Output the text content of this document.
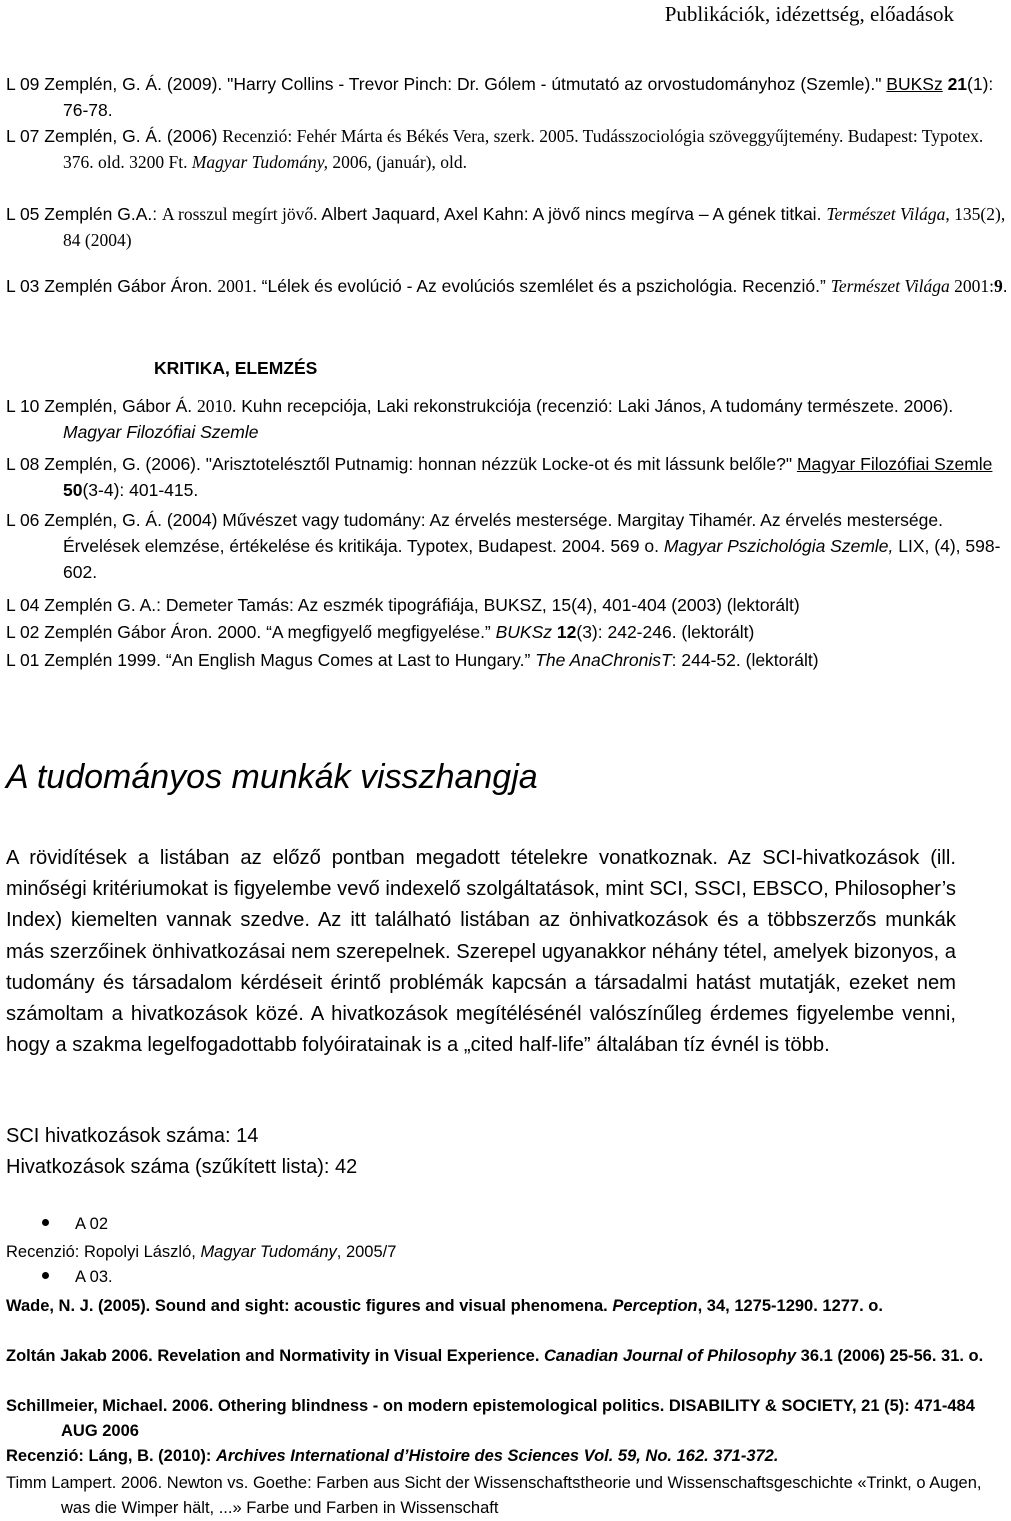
Publikációk, idézettség, előadások
L 09 Zemplén, G. Á. (2009). "Harry Collins - Trevor Pinch: Dr. Gólem - útmutató az orvostudományhoz (Szemle)." BUKSz 21(1): 76-78.
L 07 Zemplén, G. Á. (2006) Recenzió: Fehér Márta és Békés Vera, szerk. 2005. Tudásszociológia szöveggyűjtemény. Budapest: Typotex. 376. old. 3200 Ft. Magyar Tudomány, 2006, (január), old.
L 05 Zemplén G.A.: A rosszul megírt jövő. Albert Jaquard, Axel Kahn: A jövő nincs megírva – A gének titkai. Természet Világa, 135(2), 84 (2004)
L 03 Zemplén Gábor Áron. 2001. “Lélek és evolúció - Az evolúciós szemlélet és a pszichológia. Recenzió.” Természet Világa 2001:9.
KRITIKA, ELEMZÉS
L 10 Zemplén, Gábor Á. 2010. Kuhn recepciója, Laki rekonstrukciója (recenzió: Laki János, A tudomány természete. 2006). Magyar Filozófiai Szemle
L 08 Zemplén, G. (2006). "Arisztotelésztől Putnamig: honnan nézzük Locke-ot és mit lássunk belőle?" Magyar Filozófiai Szemle 50(3-4): 401-415.
L 06 Zemplén, G. Á. (2004) Művészet vagy tudomány: Az érvelés mestersége. Margitay Tihamér. Az érvelés mestersége. Érvelések elemzése, értékelése és kritikája. Typotex, Budapest. 2004. 569 o. Magyar Pszichológia Szemle, LIX, (4), 598-602.
L 04 Zemplén G. A.: Demeter Tamás: Az eszmék tipográfiája, BUKSZ, 15(4), 401-404 (2003) (lektorált)
L 02 Zemplén Gábor Áron. 2000. “A megfigyelő megfigyelése.” BUKSz 12(3): 242-246. (lektorált)
L 01 Zemplén 1999. “An English Magus Comes at Last to Hungary.” The AnaChronisT: 244-52. (lektorált)
A tudományos munkák visszhangja
A rövidítések a listában az előző pontban megadott tételekre vonatkoznak. Az SCI-hivatkozások (ill. minőségi kritériumokat is figyelembe vevő indexelő szolgáltatások, mint SCI, SSCI, EBSCO, Philosopher’s Index) kiemelten vannak szedve. Az itt található listában az önhivatkozások és a többszerzős munkák más szerzőinek önhivatkozásai nem szerepelnek. Szerepel ugyanakkor néhány tétel, amelyek bizonyos, a tudomány és társadalom kérdéseit érintő problémák kapcsán a társadalmi hatást mutatják, ezeket nem számoltam a hivatkozások közé. A hivatkozások megítélésénél valószínűleg érdemes figyelembe venni, hogy a szakma legelfogadottabb folyóiratainak is a „cited half-life” általában tíz évnél is több.
SCI hivatkozások száma: 14
Hivatkozások száma (szűkített lista): 42
A 02
Recenzió: Ropolyi László, Magyar Tudomány, 2005/7
A 03.
Wade, N. J. (2005). Sound and sight: acoustic figures and visual phenomena. Perception, 34, 1275-1290. 1277. o.
Zoltán Jakab 2006. Revelation and Normativity in Visual Experience. Canadian Journal of Philosophy 36.1 (2006) 25-56. 31. o.
Schillmeier, Michael. 2006. Othering blindness - on modern epistemological politics. DISABILITY & SOCIETY, 21 (5): 471-484 AUG 2006
Recenzió: Láng, B. (2010): Archives International d’Histoire des Sciences Vol. 59, No. 162. 371-372.
Timm Lampert. 2006. Newton vs. Goethe: Farben aus Sicht der Wissenschaftstheorie und Wissenschaftsgeschichte «Trinkt, o Augen, was die Wimper hält, ...» Farbe und Farben in Wissenschaft
